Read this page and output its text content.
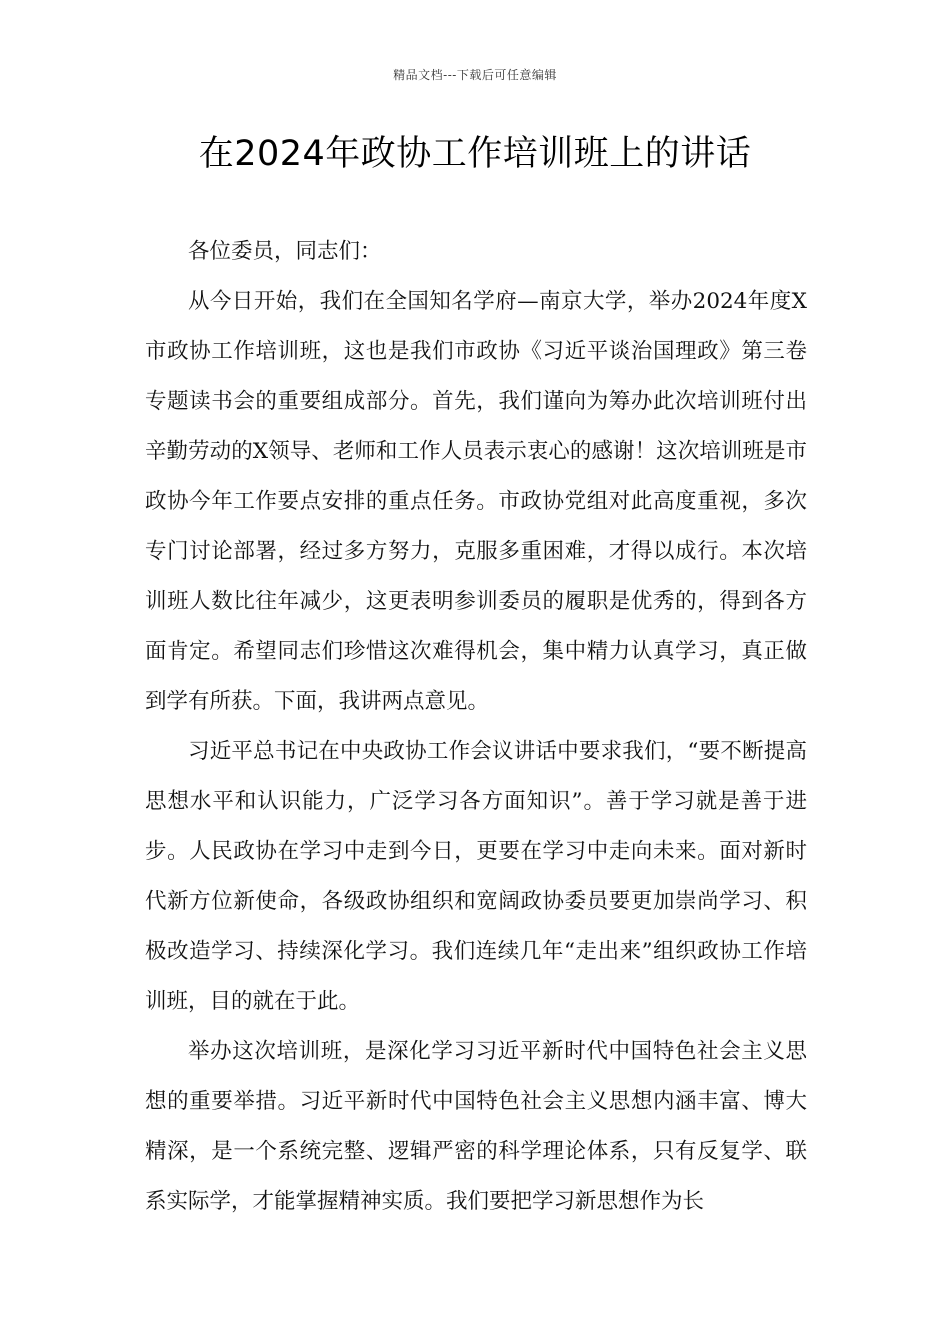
精品文档---下载后可任意编辑
在2024年政协工作培训班上的讲话

各位委员，同志们：

从今日开始，我们在全国知名学府—南京大学，举办2024年度X市政协工作培训班，这也是我们市政协《习近平谈治国理政》第三卷专题读书会的重要组成部分。首先，我们谨向为筹办此次培训班付出辛勤劳动的X领导、老师和工作人员表示衷心的感谢！这次培训班是市政协今年工作要点安排的重点任务。市政协党组对此高度重视，多次专门讨论部署，经过多方努力，克服多重困难，才得以成行。本次培训班人数比往年减少，这更表明参训委员的履职是优秀的，得到各方面肯定。希望同志们珍惜这次难得机会，集中精力认真学习，真正做到学有所获。下面，我讲两点意见。

习近平总书记在中央政协工作会议讲话中要求我们，“要不断提高思想水平和认识能力，广泛学习各方面知识”。善于学习就是善于进步。人民政协在学习中走到今日，更要在学习中走向未来。面对新时代新方位新使命，各级政协组织和宽阔政协委员要更加崇尚学习、积极改造学习、持续深化学习。我们连续几年“走出来”组织政协工作培训班，目的就在于此。

举办这次培训班，是深化学习习近平新时代中国特色社会主义思想的重要举措。习近平新时代中国特色社会主义思想内涵丰富、博大精深，是一个系统完整、逻辑严密的科学理论体系，只有反复学、联系实际学，才能掌握精神实质。我们要把学习新思想作为长
